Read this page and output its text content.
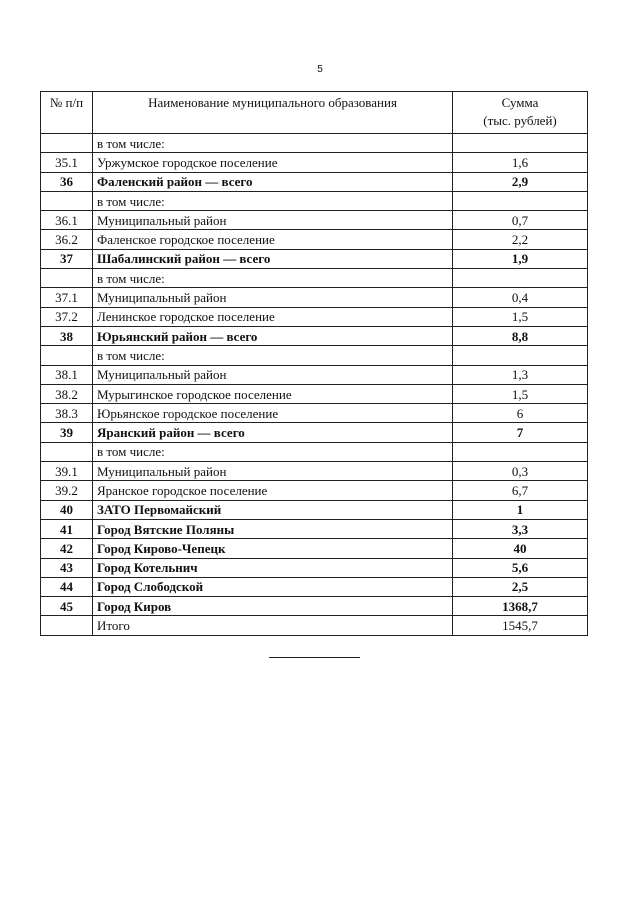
5
№ п/п	Наименование муниципального образования	Сумма
(тыс. рублей)

	в том числе:	
35.1	Уржумское городское поселение	1,6
36	Фаленский район — всего	2,9
	в том числе:	
36.1	Муниципальный район	0,7
36.2	Фаленское городское поселение	2,2
37	Шабалинский район — всего	1,9
	в том числе:	
37.1	Муниципальный район	0,4
37.2	Ленинское городское поселение	1,5
38	Юрьянский район — всего	8,8
	в том числе:	
38.1	Муниципальный район	1,3
38.2	Мурыгинское городское поселение	1,5
38.3	Юрьянское городское поселение	6
39	Яранский район — всего	7
	в том числе:	
39.1	Муниципальный район	0,3
39.2	Яранское городское поселение	6,7
40	ЗАТО Первомайский	1
41	Город Вятские Поляны	3,3
42	Город Кирово-Чепецк	40
43	Город Котельнич	5,6
44	Город Слободской	2,5
45	Город Киров	1368,7
	Итого	1545,7
